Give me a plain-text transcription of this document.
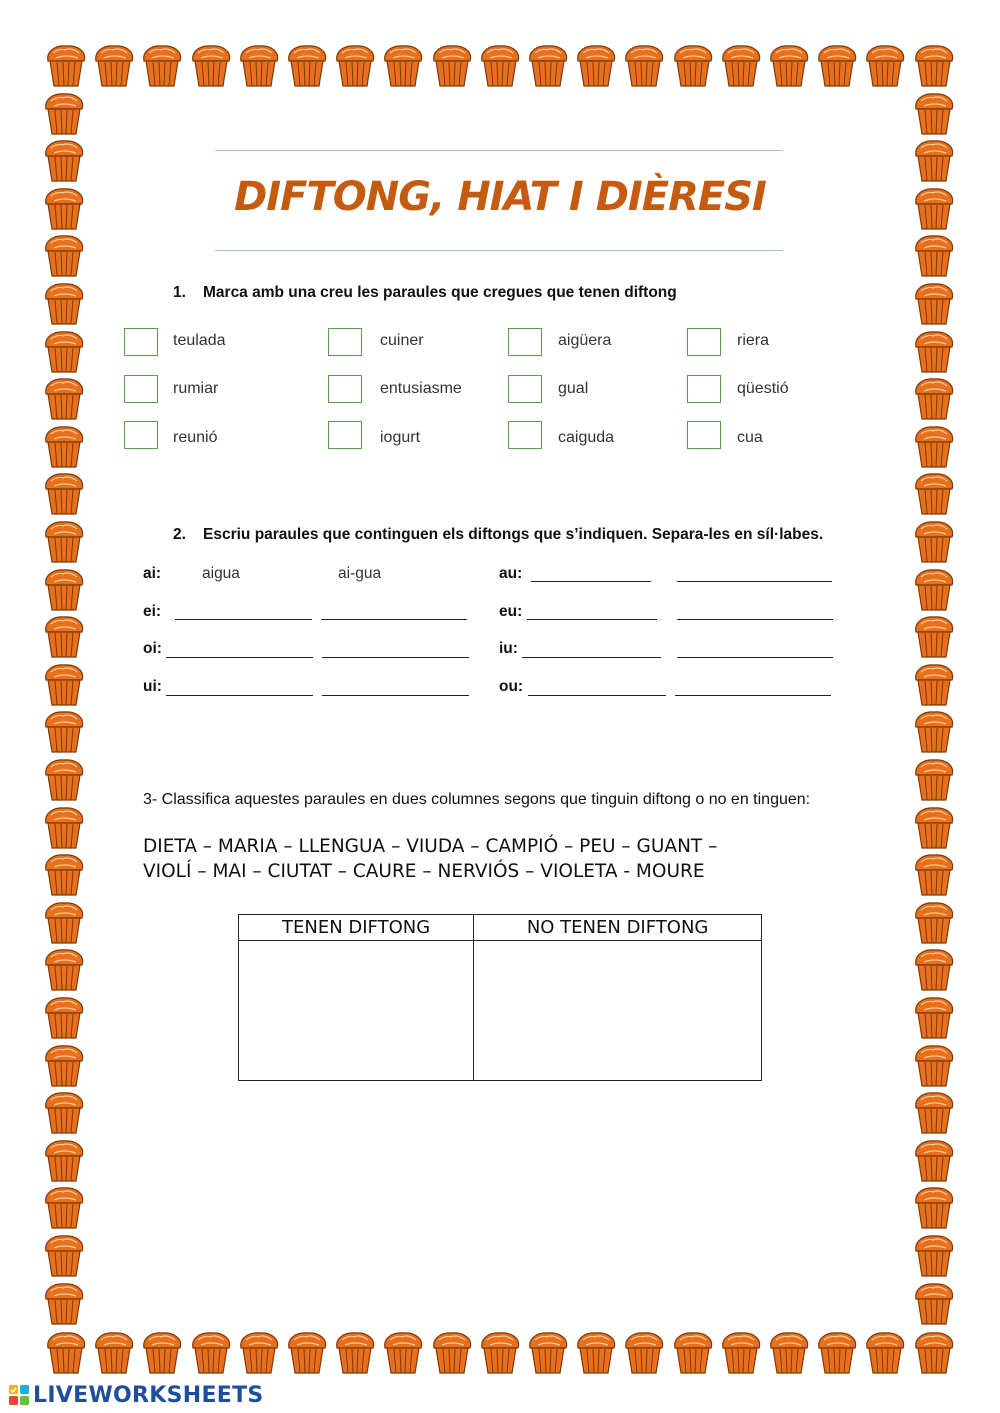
DIFTONG, HIAT I DIÈRESI
1. Marca amb una creu les paraules que cregues que tenen diftong
teulada	cuiner	aigüera	riera
rumiar	entusiasme	gual	qüestió
reunió	iogurt	caiguda	cua
2. Escriu paraules que continguen els diftongs que s’indiquen. Separa-les en síl·labes.
ai:	aigua	ai-gua	au:
ei:	eu:
oi:	iu:
ui:	ou:
3- Classifica aquestes paraules en dues columnes segons que tinguin diftong o no en tinguen:
DIETA – MARIA – LLENGUA – VIUDA – CAMPIÓ – PEU – GUANT –
VIOLÍ – MAI – CIUTAT – CAURE – NERVIÓS – VIOLETA - MOURE
TENEN DIFTONG	NO TENEN DIFTONG

LIVEWORKSHEETS
